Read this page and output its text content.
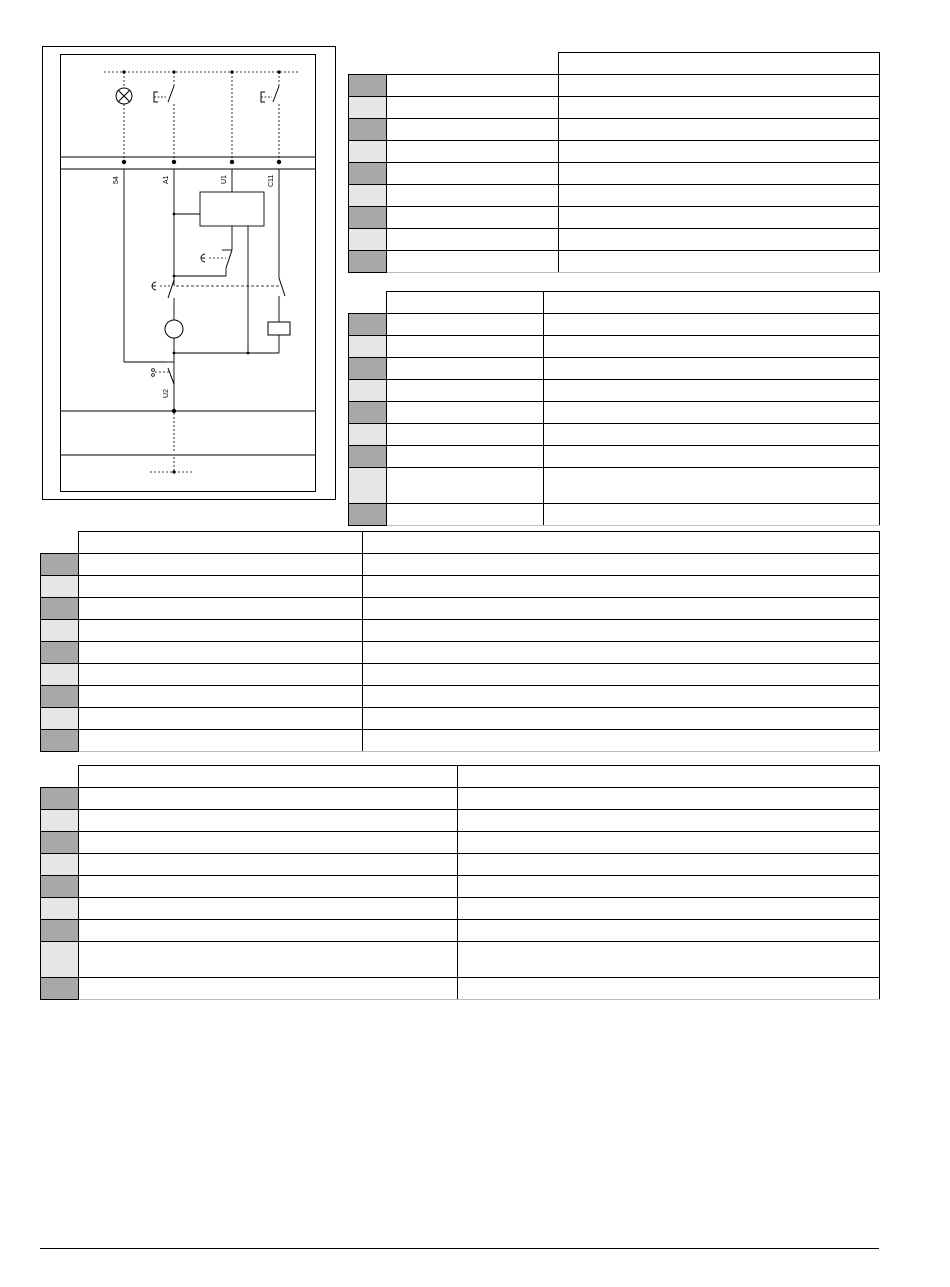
54	A1	U1	C11
U2
